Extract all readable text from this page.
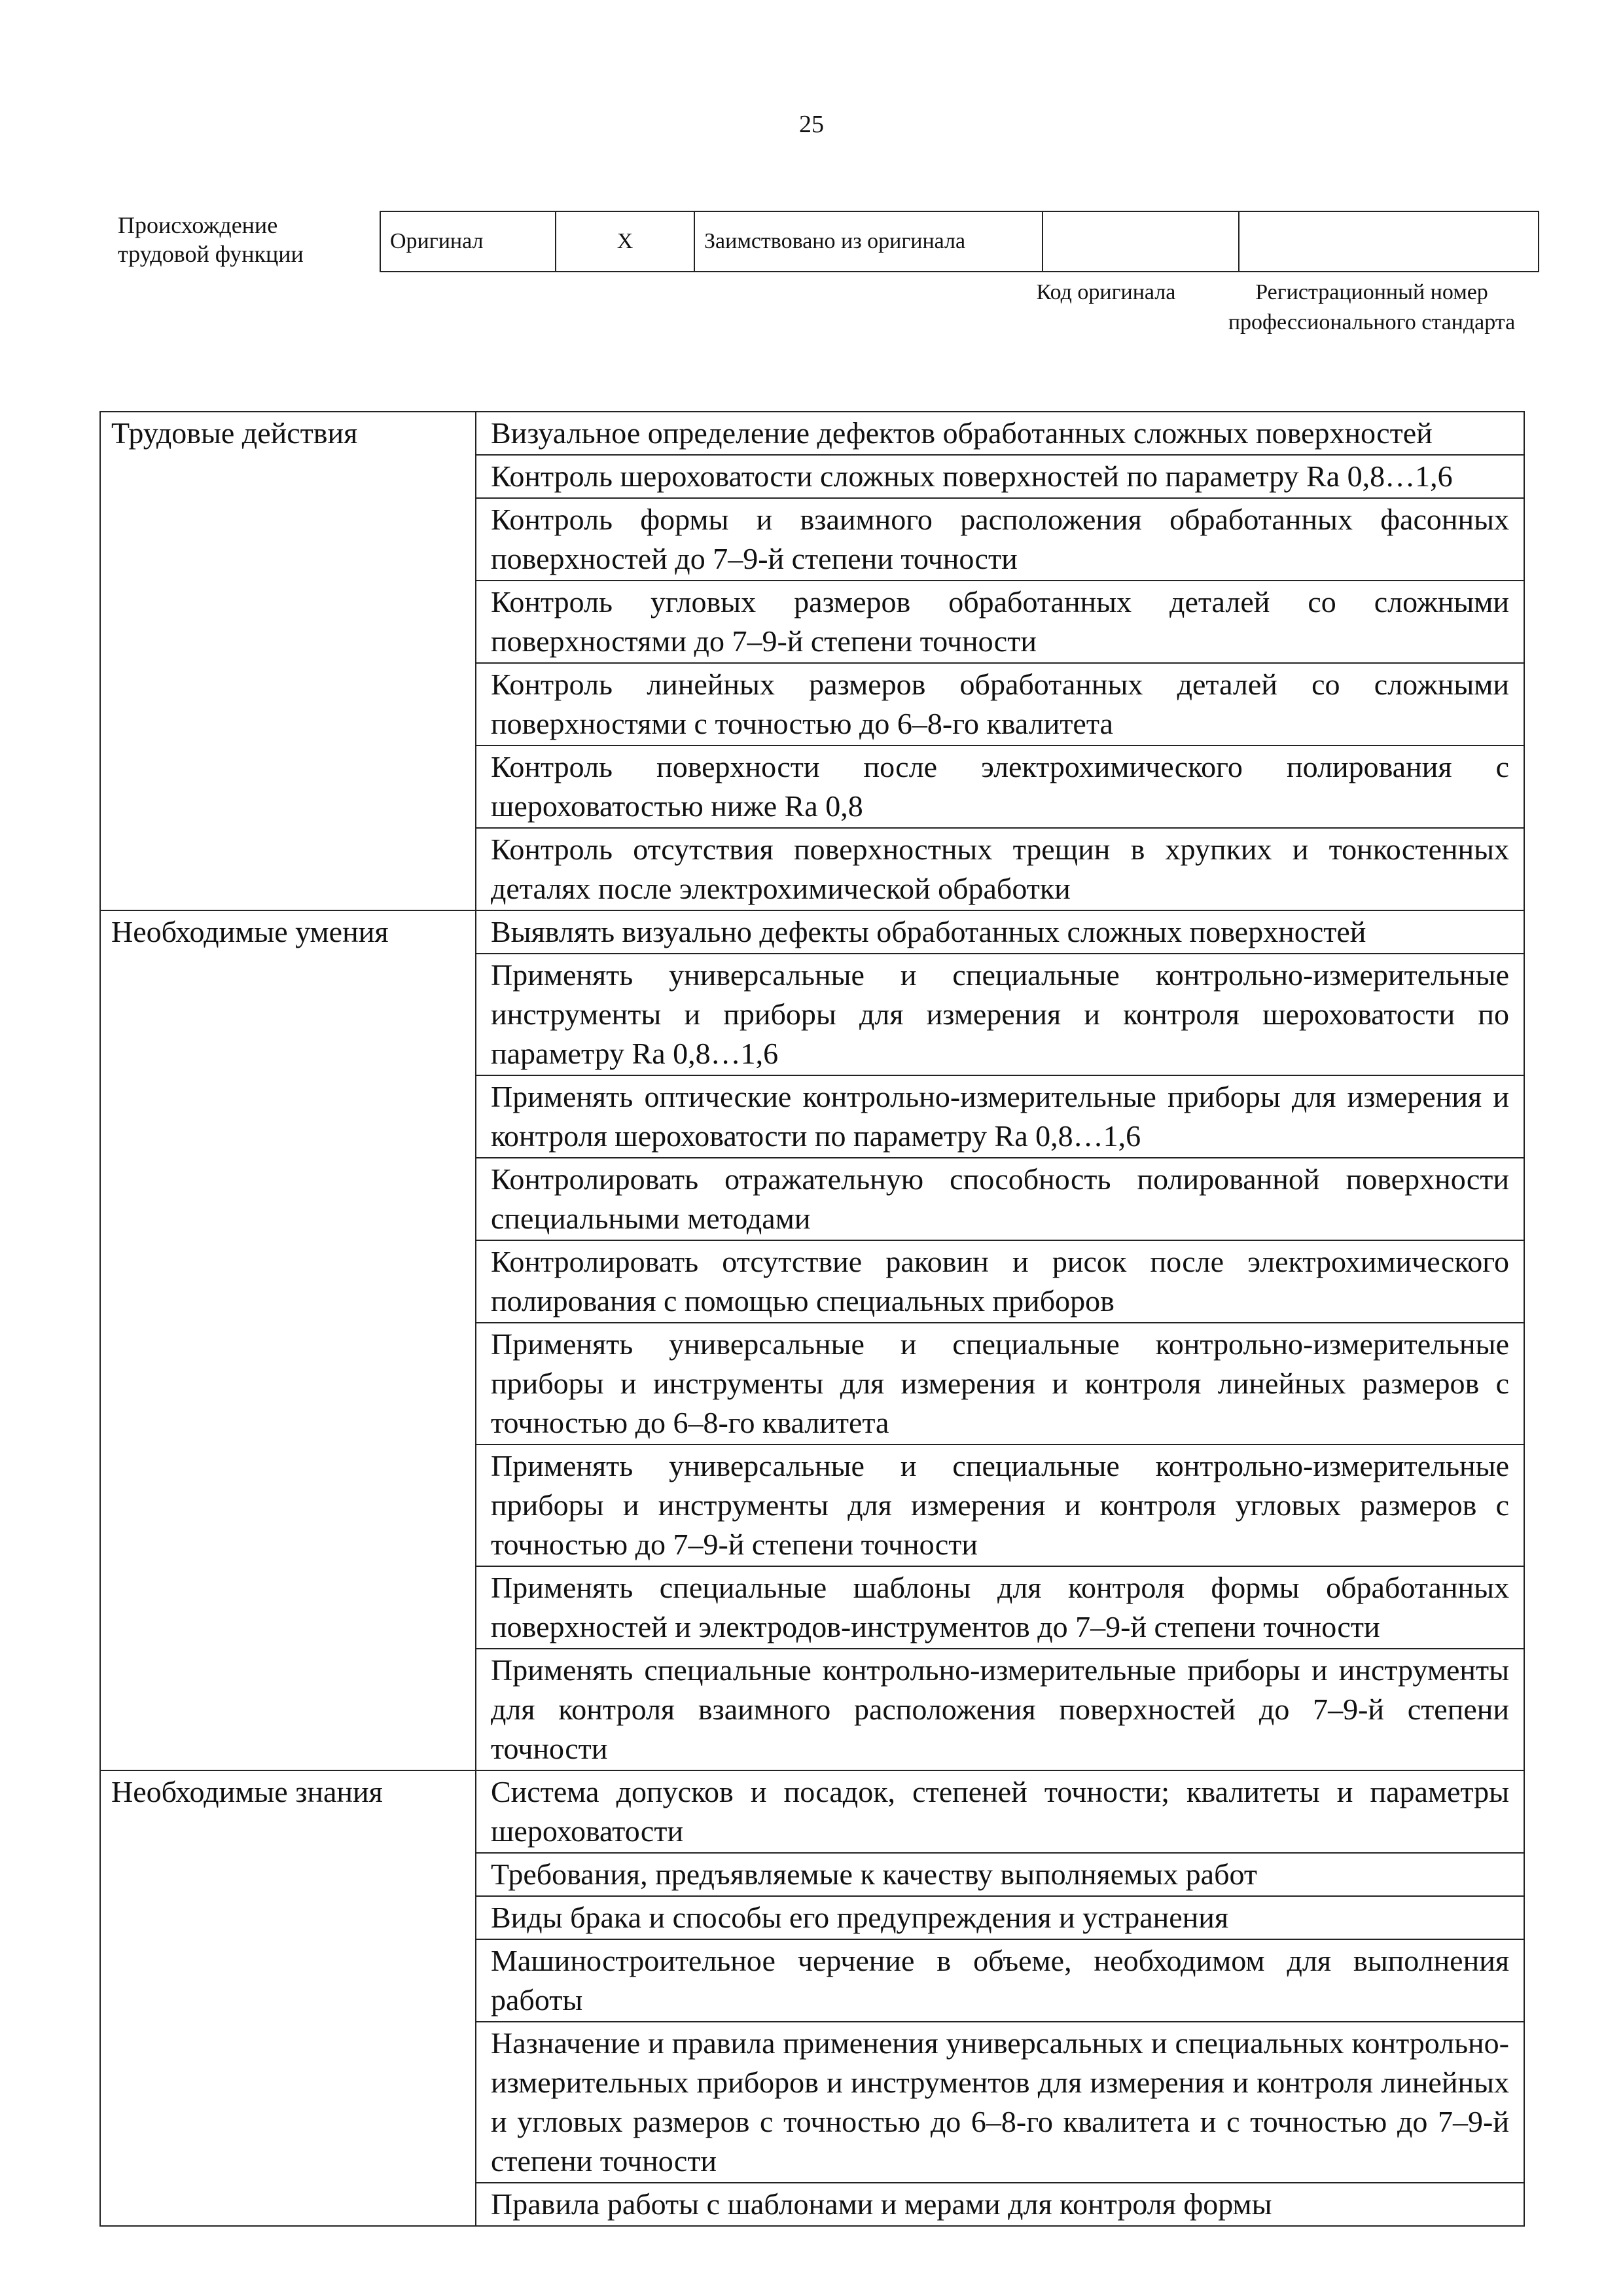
25
Происхождение трудовой функции	Оригинал	X	Заимствовано из оригинала		
Код оригинала	Регистрационный номер профессионального стандарта
Трудовые действия	Визуальное определение дефектов обработанных сложных поверхностей
	Контроль шероховатости сложных поверхностей по параметру Ra 0,8…1,6
	Контроль формы и взаимного расположения обработанных фасонных поверхностей до 7–9-й степени точности
	Контроль угловых размеров обработанных деталей со сложными поверхностями до 7–9-й степени точности
	Контроль линейных размеров обработанных деталей со сложными поверхностями с точностью до 6–8-го квалитета
	Контроль поверхности после электрохимического полирования с шероховатостью ниже Ra 0,8
	Контроль отсутствия поверхностных трещин в хрупких и тонкостенных деталях после электрохимической обработки
Необходимые умения	Выявлять визуально дефекты обработанных сложных поверхностей
	Применять универсальные и специальные контрольно-измерительные инструменты и приборы для измерения и контроля шероховатости по параметру Ra 0,8…1,6
	Применять оптические контрольно-измерительные приборы для измерения и контроля шероховатости по параметру Ra 0,8…1,6
	Контролировать отражательную способность полированной поверхности специальными методами
	Контролировать отсутствие раковин и рисок после электрохимического полирования с помощью специальных приборов
	Применять универсальные и специальные контрольно-измерительные приборы и инструменты для измерения и контроля линейных размеров с точностью до 6–8-го квалитета
	Применять универсальные и специальные контрольно-измерительные приборы и инструменты для измерения и контроля угловых размеров с точностью до 7–9-й степени точности
	Применять специальные шаблоны для контроля формы обработанных поверхностей и электродов-инструментов до 7–9-й степени точности
	Применять специальные контрольно-измерительные приборы и инструменты для контроля взаимного расположения поверхностей до 7–9-й степени точности
Необходимые знания	Система допусков и посадок, степеней точности; квалитеты и параметры шероховатости
	Требования, предъявляемые к качеству выполняемых работ
	Виды брака и способы его предупреждения и устранения
	Машиностроительное черчение в объеме, необходимом для выполнения работы
	Назначение и правила применения универсальных и специальных контрольно-измерительных приборов и инструментов для измерения и контроля линейных и угловых размеров с точностью до 6–8-го квалитета и с точностью до 7–9-й степени точности
	Правила работы с шаблонами и мерами для контроля формы
